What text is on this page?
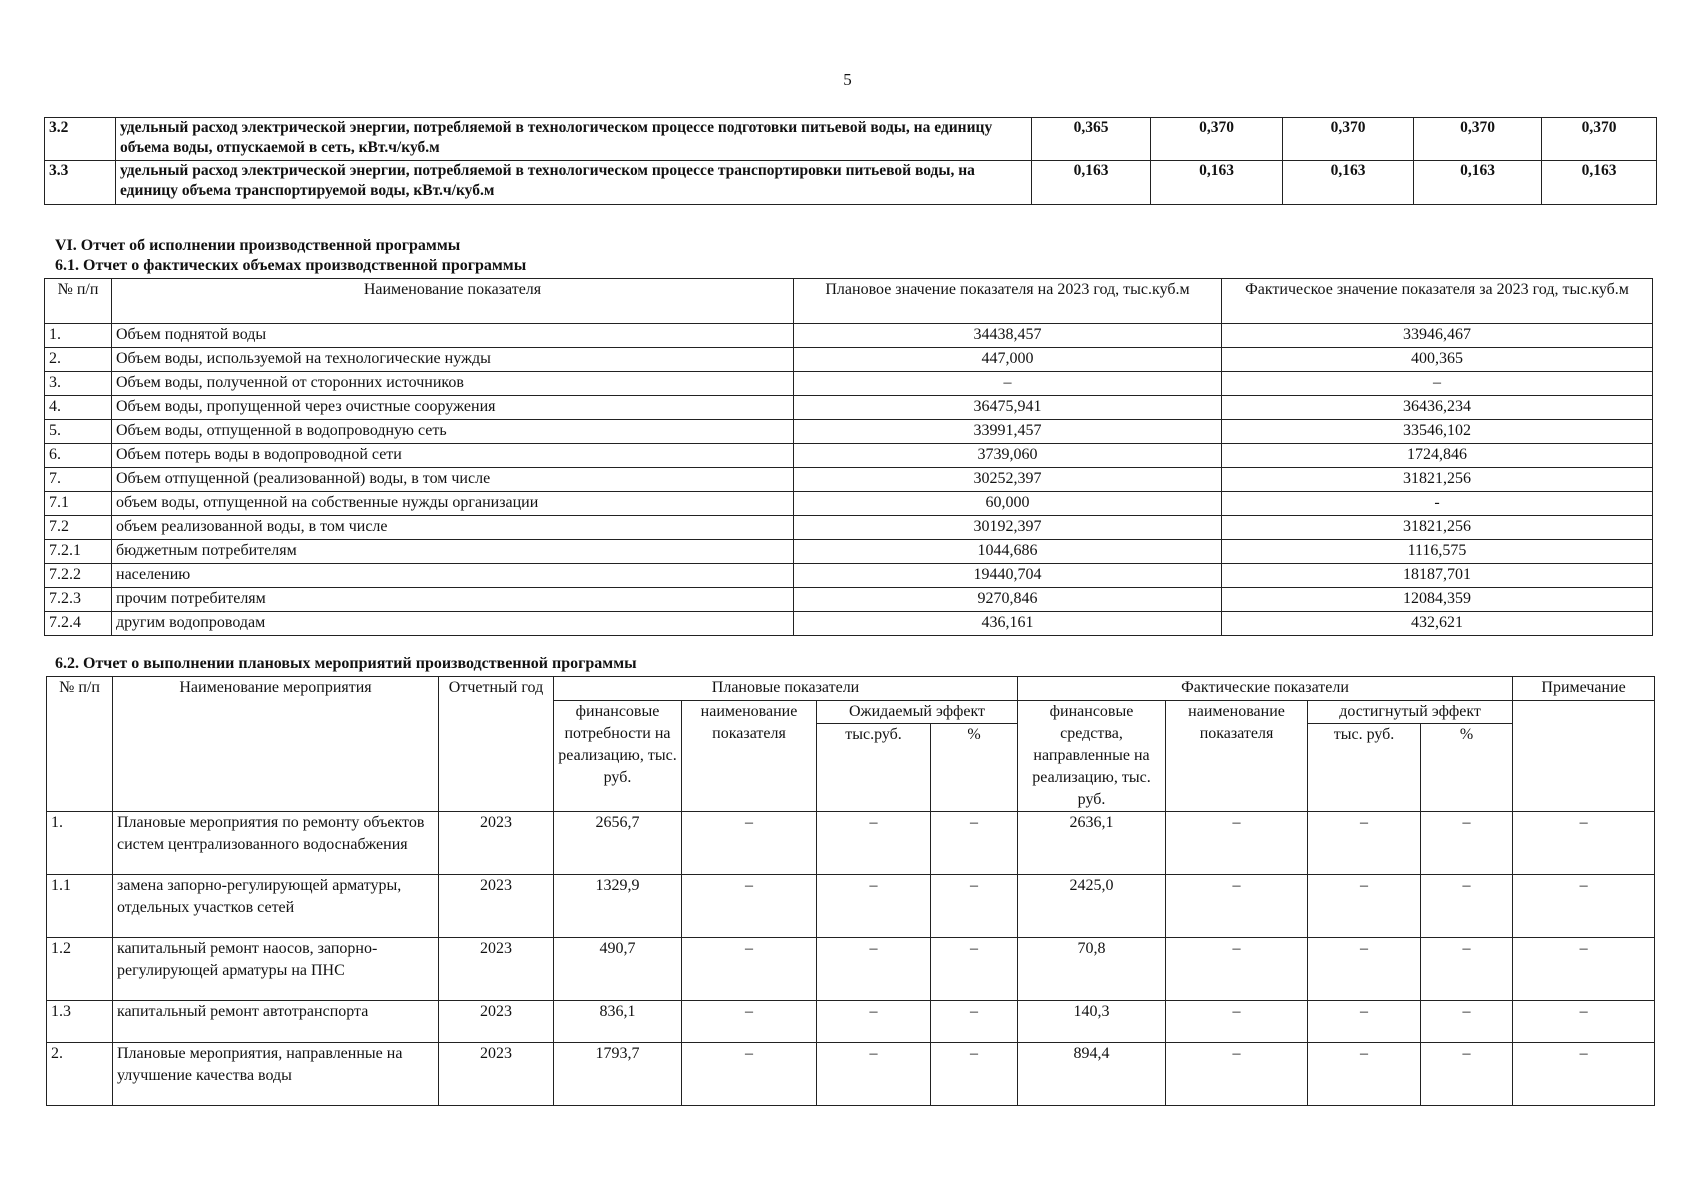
5
3.2	удельный расход электрической энергии, потребляемой в технологическом процессе подготовки питьевой воды, на единицу объема воды, отпускаемой в сеть, кВт.ч/куб.м	0,365	0,370	0,370	0,370	0,370
3.3	удельный расход электрической энергии, потребляемой в технологическом процессе транспортировки питьевой воды, на единицу объема транспортируемой воды, кВт.ч/куб.м	0,163	0,163	0,163	0,163	0,163
VI. Отчет об исполнении производственной программы
6.1. Отчет о фактических объемах производственной программы
№ п/п	Наименование показателя	Плановое значение показателя на 2023 год, тыс.куб.м	Фактическое значение показателя за 2023 год, тыс.куб.м
1.	Объем поднятой воды	34438,457	33946,467
2.	Объем воды, используемой на технологические нужды	447,000	400,365
3.	Объем воды, полученной от сторонних источников	–	–
4.	Объем воды, пропущенной через очистные сооружения	36475,941	36436,234
5.	Объем воды, отпущенной в водопроводную сеть	33991,457	33546,102
6.	Объем потерь воды в водопроводной сети	3739,060	1724,846
7.	Объем отпущенной (реализованной) воды, в том числе	30252,397	31821,256
7.1	объем воды, отпущенной на собственные нужды организации	60,000	-
7.2	объем реализованной воды, в том числе	30192,397	31821,256
7.2.1	бюджетным потребителям	1044,686	1116,575
7.2.2	населению	19440,704	18187,701
7.2.3	прочим потребителям	9270,846	12084,359
7.2.4	другим водопроводам	436,161	432,621
6.2. Отчет о выполнении плановых мероприятий производственной программы
№ п/п	Наименование мероприятия	Отчетный год	Плановые показатели				Фактические показатели				Примечание
			финансовые потребности на реализацию, тыс. руб.	наименование показателя	Ожидаемый эффект		финансовые средства, направленные на реализацию, тыс. руб.	наименование показателя	достигнутый эффект		
					тыс.руб.	%			тыс. руб.	%	
1.	Плановые мероприятия по ремонту объектов систем централизованного водоснабжения	2023	2656,7	–	–	–	2636,1	–	–	–	–
1.1	замена запорно-регулирующей арматуры, отдельных участков сетей	2023	1329,9	–	–	–	2425,0	–	–	–	–
1.2	капитальный ремонт наосов, запорно-регулирующей арматуры на ПНС	2023	490,7	–	–	–	70,8	–	–	–	–
1.3	капитальный ремонт автотранспорта	2023	836,1	–	–	–	140,3	–	–	–	–
2.	Плановые мероприятия, направленные на улучшение качества воды	2023	1793,7	–	–	–	894,4	–	–	–	–
